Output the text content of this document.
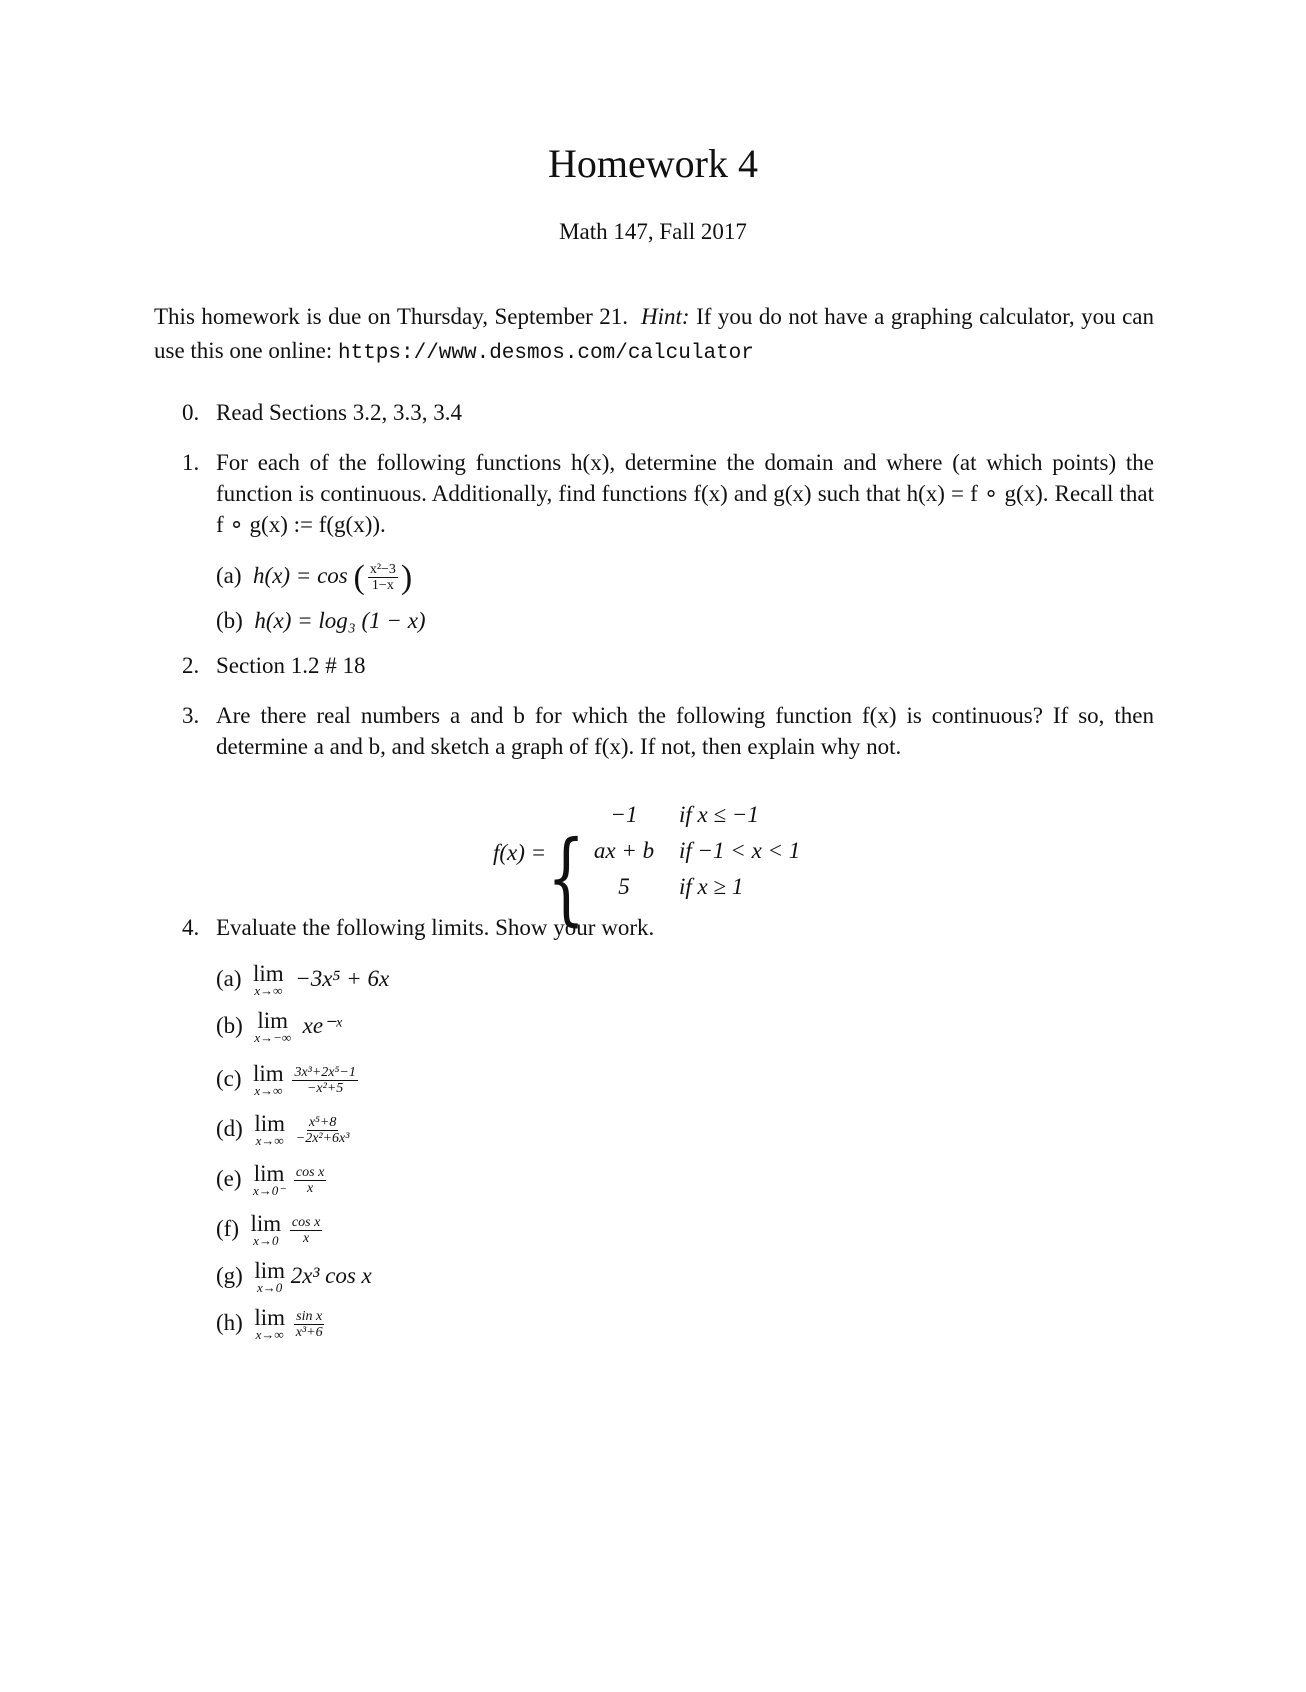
Homework 4
Math 147, Fall 2017
This homework is due on Thursday, September 21. Hint: If you do not have a graphing calculator, you can use this one online: https://www.desmos.com/calculator
0. Read Sections 3.2, 3.3, 3.4
1. For each of the following functions h(x), determine the domain and where (at which points) the function is continuous. Additionally, find functions f(x) and g(x) such that h(x) = f ∘ g(x). Recall that f ∘ g(x) := f(g(x)).
(a) h(x) = cos ( $\frac{\text{x²−3}}{1-x}$ )
(b) h(x) = log₃ (1 − x)
2. Section 1.2 # 18
3. Are there real numbers a and b for which the following function f(x) is continuous? If so, then determine a and b, and sketch a graph of f(x). If not, then explain why not.
f(x) = {
−1 if x ≤ −1
ax + b if −1 < x < 1
5 if x ≥ 1
4. Evaluate the following limits. Show your work.
(a) lim
x→∞ −3x⁵ + 6x
(b) lim
x→−∞ xe⁻ˣ
(c) lim
x→∞
$\frac{\text{3x³+2x⁵−1}}{\text{−x²+5}}$
(d) lim
x→∞
$\frac{\text{x⁵+8}}{\text{−2x²+6x³}}$
(e) lim
x→0⁻
$\frac{\text{cos x}}{x}$
(f) lim
x→0
$\frac{\text{cos x}}{x}$
(g) lim
x→0 2x³ cos x
(h) lim
x→∞
$\frac{\text{sin x}}{\text{x³+6}}$
